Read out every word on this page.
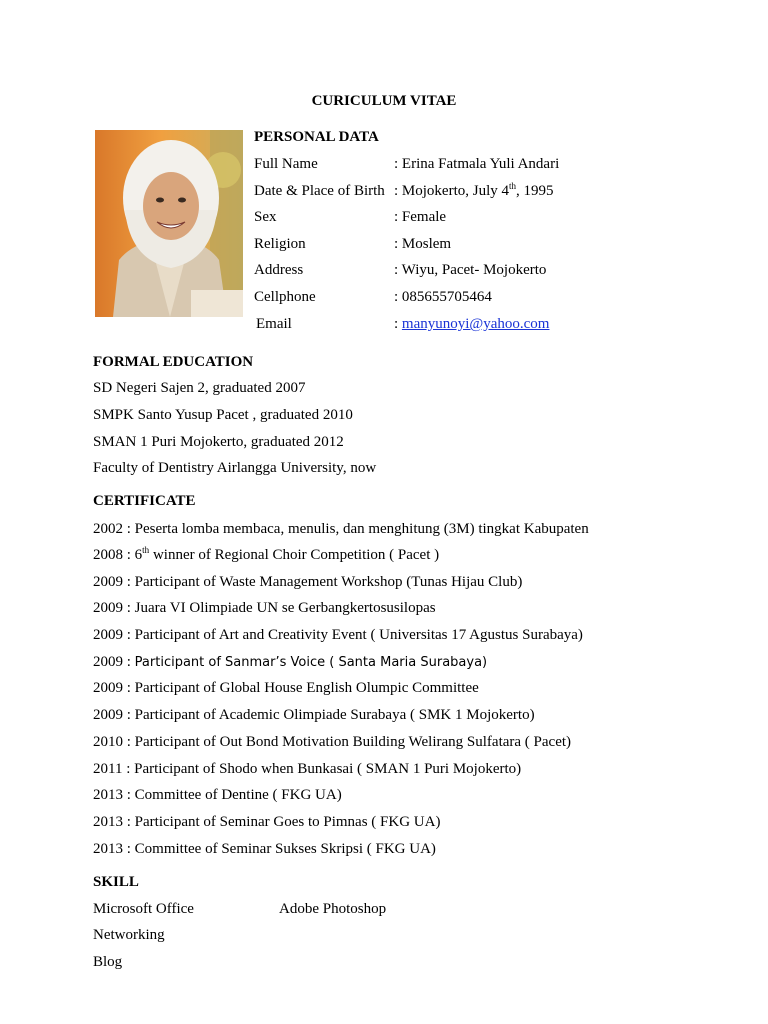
CURICULUM VITAE
PERSONAL DATA
Full Name	: Erina Fatmala Yuli Andari
Date & Place of Birth : Mojokerto, July 4th, 1995
Sex	: Female
Religion	: Moslem
Address	: Wiyu, Pacet- Mojokerto
Cellphone	: 085655705464
Email	: manyunoyi@yahoo.com
FORMAL EDUCATION
SD Negeri Sajen 2, graduated 2007
SMPK Santo Yusup Pacet , graduated 2010
SMAN 1 Puri Mojokerto, graduated 2012
Faculty of Dentistry Airlangga University, now
CERTIFICATE
2002 : Peserta lomba membaca, menulis, dan menghitung (3M) tingkat Kabupaten
2008 : 6th winner of Regional Choir Competition ( Pacet )
2009 : Participant of Waste Management Workshop (Tunas Hijau Club)
2009 : Juara VI Olimpiade UN se Gerbangkertosusilopas
2009 : Participant of Art and Creativity Event ( Universitas 17 Agustus Surabaya)
2009 : Participant of Sanmar’s Voice ( Santa Maria Surabaya)
2009 : Participant of Global House English Olumpic Committee
2009 : Participant of Academic Olimpiade Surabaya ( SMK 1 Mojokerto)
2010 : Participant of Out Bond Motivation Building Welirang Sulfatara ( Pacet)
2011 : Participant of Shodo when Bunkasai ( SMAN 1 Puri Mojokerto)
2013 : Committee of Dentine ( FKG UA)
2013 : Participant of Seminar Goes to Pimnas ( FKG UA)
2013 : Committee of Seminar Sukses Skripsi ( FKG UA)
SKILL
Microsoft Office	Adobe Photoshop
Networking
Blog
